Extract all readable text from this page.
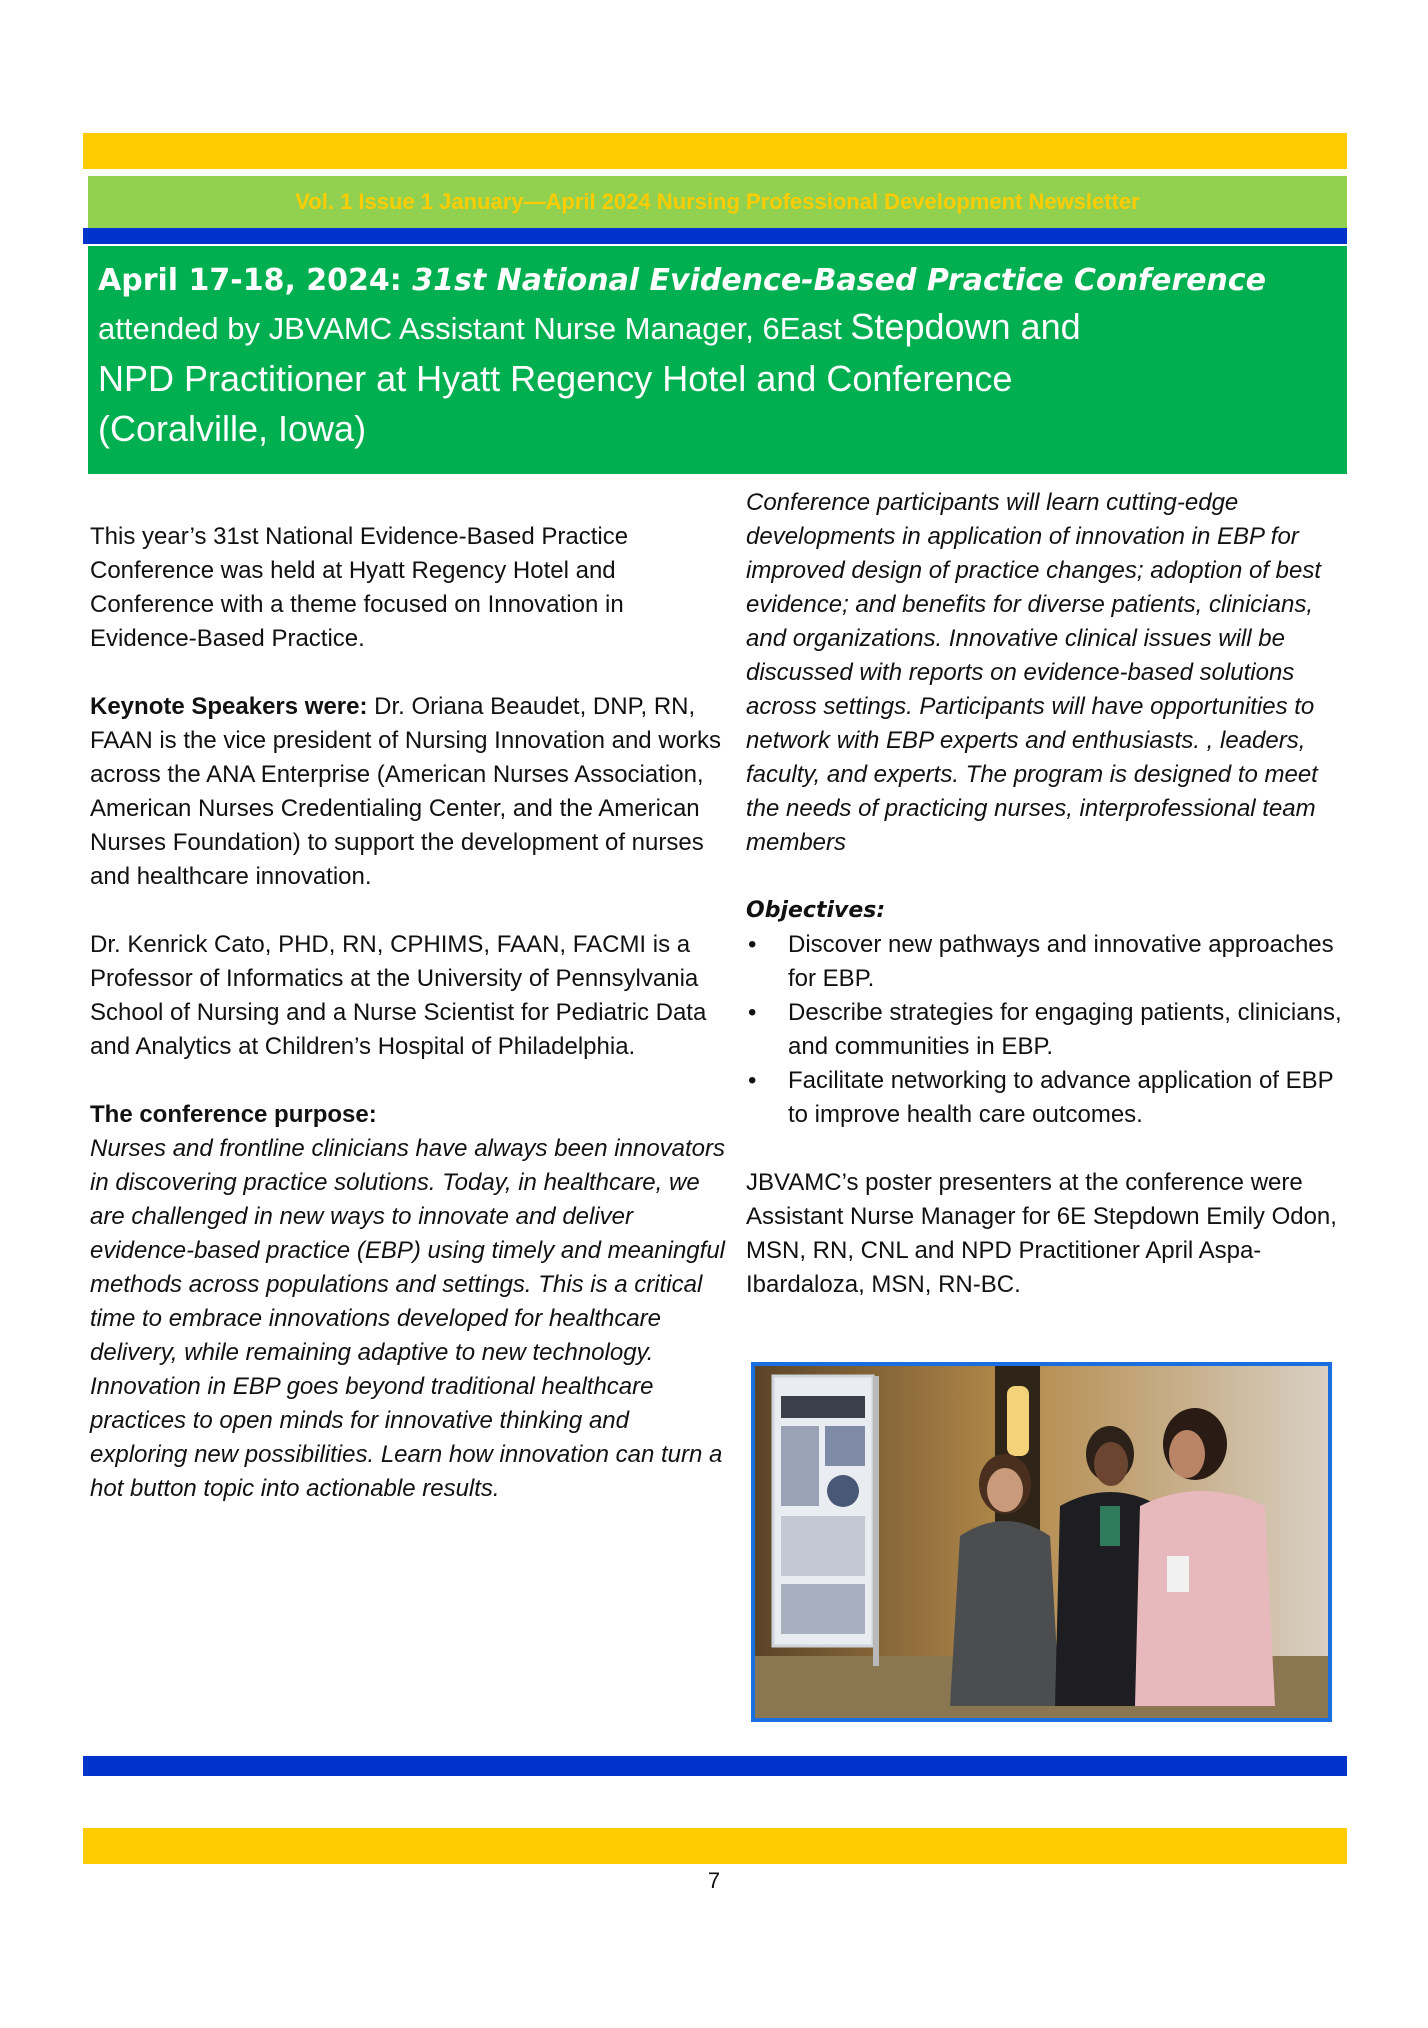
Vol. 1 Issue 1 January—April 2024 Nursing Professional Development Newsletter
April 17-18, 2024: 31st National Evidence-Based Practice Conference
attended by JBVAMC Assistant Nurse Manager, 6East Stepdown and
NPD Practitioner at Hyatt Regency Hotel and Conference
(Coralville, Iowa)

This year’s 31st National Evidence-Based Practice Conference was held at Hyatt Regency Hotel and Conference with a theme focused on Innovation in Evidence-Based Practice.

Keynote Speakers were: Dr. Oriana Beaudet, DNP, RN, FAAN is the vice president of Nursing Innovation and works across the ANA Enterprise (American Nurses Association, American Nurses Credentialing Center, and the American Nurses Foundation) to support the development of nurses and healthcare innovation.

Dr. Kenrick Cato, PHD, RN, CPHIMS, FAAN, FACMI is a Professor of Informatics at the University of Pennsylvania School of Nursing and a Nurse Scientist for Pediatric Data and Analytics at Children’s Hospital of Philadelphia.

The conference purpose:
Nurses and frontline clinicians have always been innovators in discovering practice solutions. Today, in healthcare, we are challenged in new ways to innovate and deliver evidence-based practice (EBP) using timely and meaningful methods across populations and settings. This is a critical time to embrace innovations developed for healthcare delivery, while remaining adaptive to new technology. Innovation in EBP goes beyond traditional healthcare practices to open minds for innovative thinking and exploring new possibilities. Learn how innovation can turn a hot button topic into actionable results.

Conference participants will learn cutting-edge developments in application of innovation in EBP for improved design of practice changes; adoption of best evidence; and benefits for diverse patients, clinicians, and organizations. Innovative clinical issues will be discussed with reports on evidence-based solutions across settings. Participants will have opportunities to network with EBP experts and enthusiasts. , leaders, faculty, and experts. The program is designed to meet the needs of practicing nurses, interprofessional team members

Objectives:
• Discover new pathways and innovative approaches for EBP.
• Describe strategies for engaging patients, clinicians, and communities in EBP.
• Facilitate networking to advance application of EBP to improve health care outcomes.

JBVAMC’s poster presenters at the conference were Assistant Nurse Manager for 6E Stepdown Emily Odon, MSN, RN, CNL and NPD Practitioner April Aspa-Ibardaloza, MSN, RN-BC.

7
